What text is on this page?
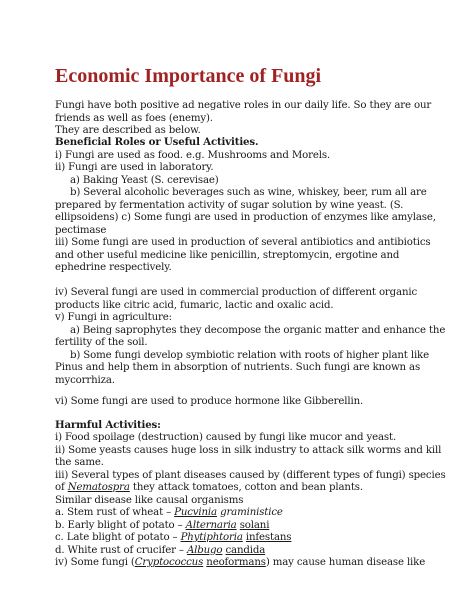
Economic Importance of Fungi

Fungi have both positive ad negative roles in our daily life. So they are our

friends as well as foes (enemy).

They are described as below.

Beneficial Roles or Useful Activities.

i) Fungi are used as food. e.g. Mushrooms and Morels.

ii) Fungi are used in laboratory.

a) Baking Yeast (S. cerevisae)

b) Several alcoholic beverages such as wine, whiskey, beer, rum all are

prepared by fermentation activity of sugar solution by wine yeast. (S.

ellipsoidens) c) Some fungi are used in production of enzymes like amylase,

pectimase

iii) Some fungi are used in production of several antibiotics and antibiotics

and other useful medicine like penicillin, streptomycin, ergotine and

ephedrine respectively.

iv) Several fungi are used in commercial production of different organic

products like citric acid, fumaric, lactic and oxalic acid.

v) Fungi in agriculture:

a) Being saprophytes they decompose the organic matter and enhance the

fertility of the soil.

b) Some fungi develop symbiotic relation with roots of higher plant like

Pinus and help them in absorption of nutrients. Such fungi are known as

mycorrhiza.

vi) Some fungi are used to produce hormone like Gibberellin.

Harmful Activities:

i) Food spoilage (destruction) caused by fungi like mucor and yeast.

ii) Some yeasts causes huge loss in silk industry to attack silk worms and kill

the same.

iii) Several types of plant diseases caused by (different types of fungi) species

of Nematospra they attack tomatoes, cotton and bean plants.

Similar disease like causal organisms

a. Stem rust of wheat – Pucvinia graministice

b. Early blight of potato – Alternaria solani

c. Late blight of potato – Phytiphtoria infestans

d. White rust of crucifer – Albugo candida

iv) Some fungi (Cryptococcus neoformans) may cause human disease like
